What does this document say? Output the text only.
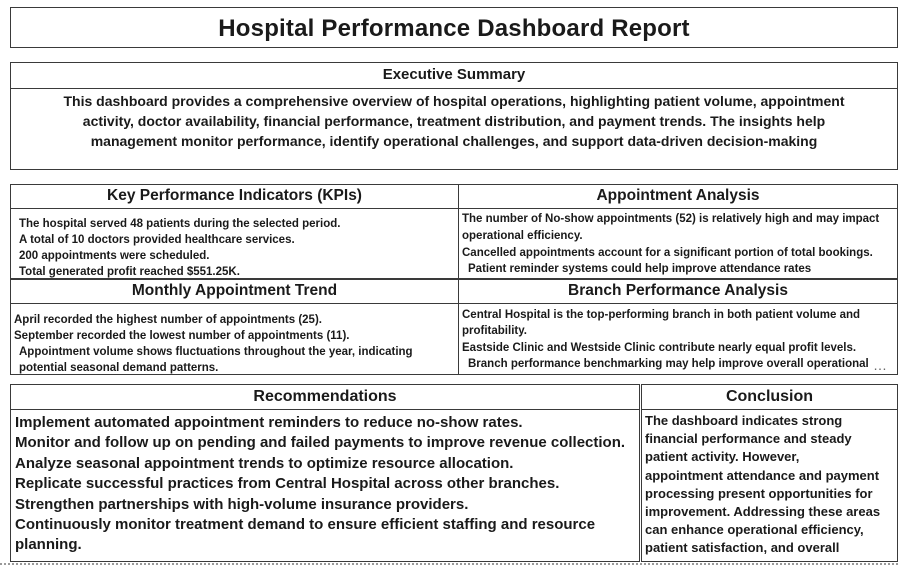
Hospital Performance Dashboard Report
Executive Summary
This dashboard provides a comprehensive overview of hospital operations, highlighting patient volume, appointment
activity, doctor availability, financial performance, treatment distribution, and payment trends. The insights help
management monitor performance, identify operational challenges, and support data-driven decision-making
Key Performance Indicators (KPIs)
The hospital served 48 patients during the selected period.
A total of 10 doctors provided healthcare services.
200 appointments were scheduled.
Total generated profit reached $551.25K.
Appointment Analysis
The number of No-show appointments (52) is relatively high and may impact
operational efficiency.
Cancelled appointments account for a significant portion of total bookings.
Patient reminder systems could help improve attendance rates
Monthly Appointment Trend
April recorded the highest number of appointments (25).
September recorded the lowest number of appointments (11).
Appointment volume shows fluctuations throughout the year, indicating
potential seasonal demand patterns.
Branch Performance Analysis
Central Hospital is the top-performing branch in both patient volume and
profitability.
Eastside Clinic and Westside Clinic contribute nearly equal profit levels.
Branch performance benchmarking may help improve overall operational …
Recommendations
Implement automated appointment reminders to reduce no-show rates.
Monitor and follow up on pending and failed payments to improve revenue collection.
Analyze seasonal appointment trends to optimize resource allocation.
Replicate successful practices from Central Hospital across other branches.
Strengthen partnerships with high-volume insurance providers.
Continuously monitor treatment demand to ensure efficient staffing and resource
planning.
Conclusion
The dashboard indicates strong
financial performance and steady
patient activity. However,
appointment attendance and payment
processing present opportunities for
improvement. Addressing these areas
can enhance operational efficiency,
patient satisfaction, and overall
